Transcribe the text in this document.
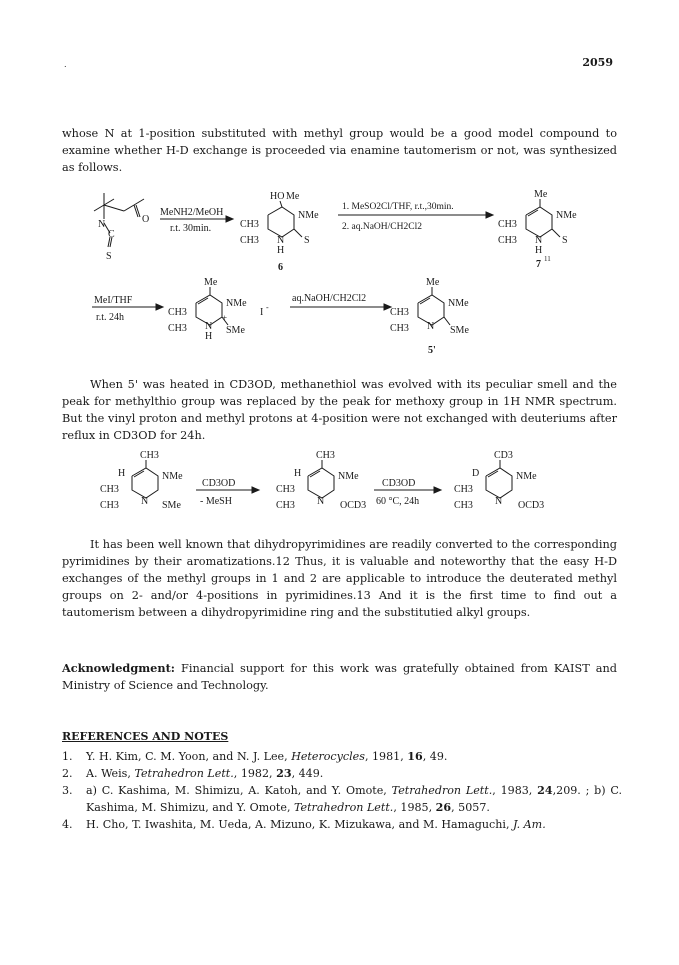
.	2059

whose N at 1-position substituted with methyl group would be a good model compound to examine whether H-D exchange is proceeded via enamine tautomerism or not, was synthesized as follows.

N	O
C
S
MeNH2/MeOH
r.t. 30min.
HO Me
NMe
CH3
CH3 N
H
S
6
1. MeSO2Cl/THF, r.t.,30min.
2. aq.NaOH/CH2Cl2
Me
NMe
CH3
CH3 N
H
S
7 11
MeI/THF
r.t. 24h
Me
NMe
CH3
CH3 N
H
+
SMe
I -
aq.NaOH/CH2Cl2
Me
NMe
CH3
CH3 N SMe
5'

When 5' was heated in CD3OD, methanethiol was evolved with its peculiar smell and the peak for methylthio group was replaced by the peak for methoxy group in 1H NMR spectrum. But the vinyl proton and methyl protons at 4-position were not exchanged with deuteriums after reflux in CD3OD for 24h.

CH3
H	NMe
CH3
CH3 N SMe
CD3OD
- MeSH
CH3
H	NMe
CH3
CH3 N OCD3
CD3OD
60 °C, 24h
CD3
D	NMe
CH3
CH3 N OCD3

It has been well known that dihydropyrimidines are readily converted to the corresponding pyrimidines by their aromatizations.12 Thus, it is valuable and noteworthy that the easy H-D exchanges of the methyl groups in 1 and 2 are applicable to introduce the deuterated methyl groups on 2- and/or 4-positions in pyrimidines.13 And it is the first time to find out a tautomerism between a dihydropyrimidine ring and the substitutied alkyl groups.

Acknowledgment: Financial support for this work was gratefully obtained from KAIST and Ministry of Science and Technology.

REFERENCES AND NOTES
1. Y. H. Kim, C. M. Yoon, and N. J. Lee, Heterocycles, 1981, 16, 49.
2. A. Weis, Tetrahedron Lett., 1982, 23, 449.
3. a) C. Kashima, M. Shimizu, A. Katoh, and Y. Omote, Tetrahedron Lett., 1983, 24,209. ; b) C. Kashima, M. Shimizu, and Y. Omote, Tetrahedron Lett., 1985, 26, 5057.
4. H. Cho, T. Iwashita, M. Ueda, A. Mizuno, K. Mizukawa, and M. Hamaguchi, J. Am.
